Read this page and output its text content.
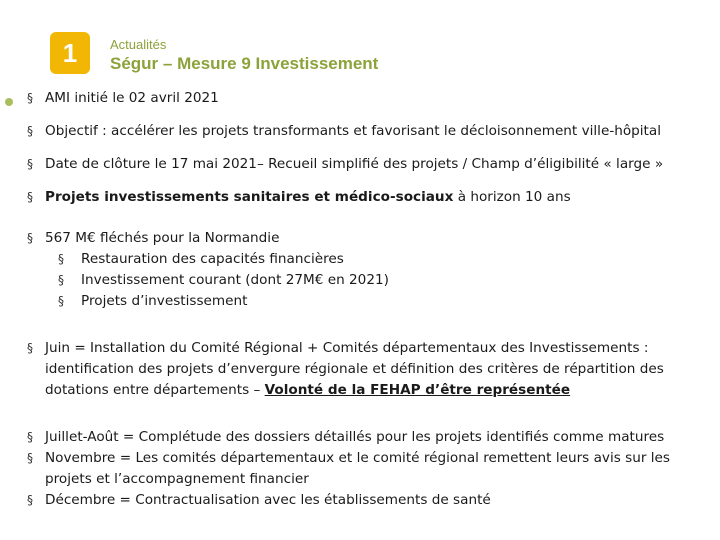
1	Actualités
Ségur – Mesure 9 Investissement
§ AMI initié le 02 avril 2021
§ Objectif : accélérer les projets transformants et favorisant le décloisonnement ville-hôpital
§ Date de clôture le 17 mai 2021– Recueil simplifié des projets / Champ d’éligibilité « large »
§ Projets investissements sanitaires et médico-sociaux à horizon 10 ans
§ 567 M€ fléchés pour la Normandie
§ Restauration des capacités financières
§ Investissement courant (dont 27M€ en 2021)
§ Projets d’investissement
§ Juin = Installation du Comité Régional + Comités départementaux des Investissements : identification des projets d’envergure régionale et définition des critères de répartition des dotations entre départements – Volonté de la FEHAP d’être représentée
§ Juillet-Août = Complétude des dossiers détaillés pour les projets identifiés comme matures
§ Novembre = Les comités départementaux et le comité régional remettent leurs avis sur les projets et l’accompagnement financier
§ Décembre = Contractualisation avec les établissements de santé
